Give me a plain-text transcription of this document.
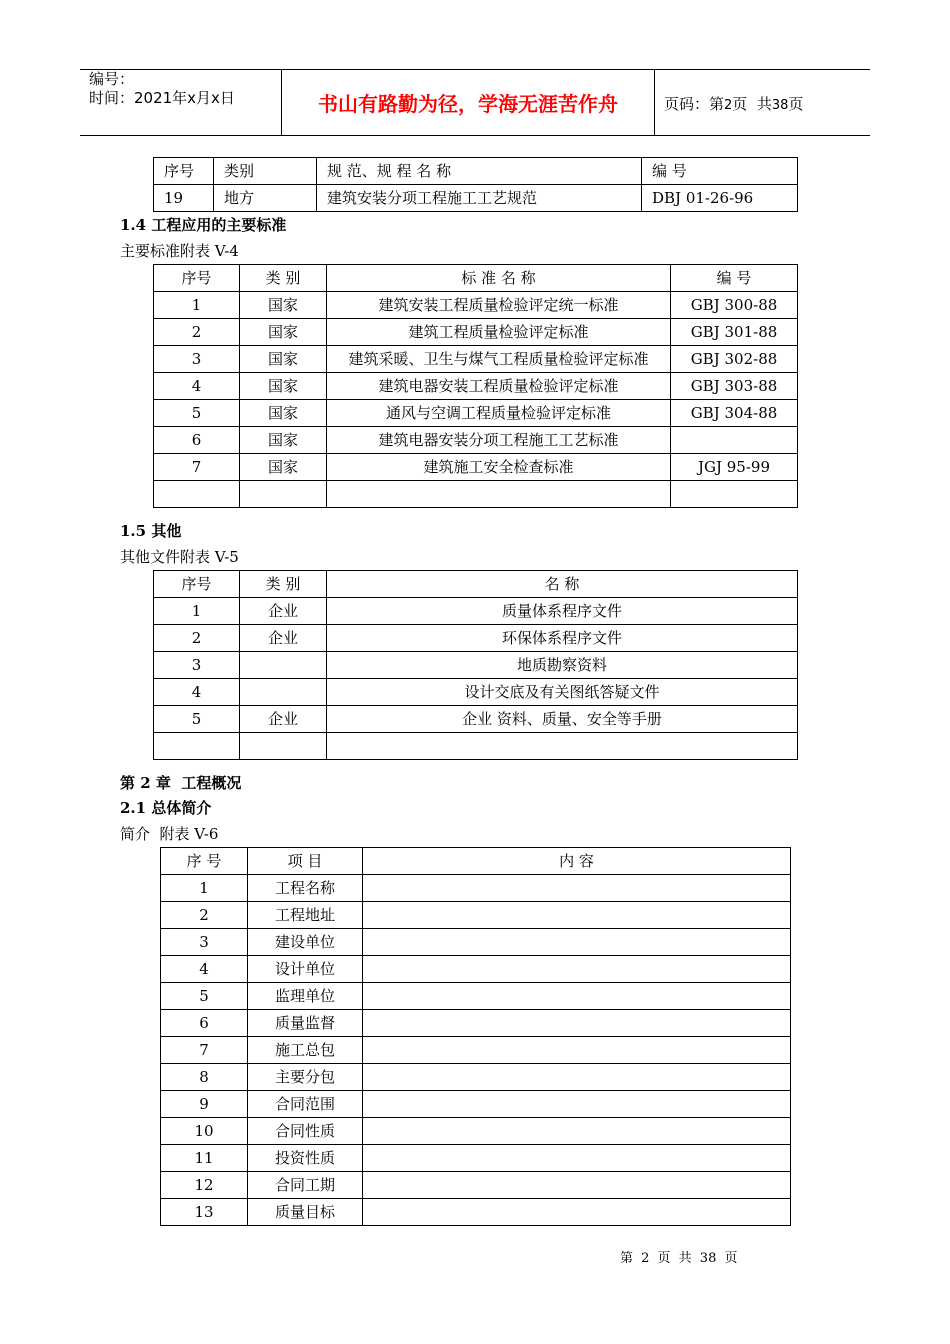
编号：
时间：2021年x月x日	书山有路勤为径，学海无涯苦作舟	页码：第2页  共38页
序号	类别	规 范、规 程 名 称	编 号
19	地方	建筑安装分项工程施工工艺规范	DBJ 01-26-96
1.4 工程应用的主要标准
主要标准附表 V-4
序号	类 别	标 准 名 称	编 号
1	国家	建筑安装工程质量检验评定统一标准	GBJ 300-88
2	国家	建筑工程质量检验评定标准	GBJ 301-88
3	国家	建筑采暖、卫生与煤气工程质量检验评定标准	GBJ 302-88
4	国家	建筑电器安装工程质量检验评定标准	GBJ 303-88
5	国家	通风与空调工程质量检验评定标准	GBJ 304-88
6	国家	建筑电器安装分项工程施工工艺标准	
7	国家	建筑施工安全检查标准	JGJ 95-99

1.5 其他
其他文件附表 V-5
序号	类 别	名 称
1	企业	质量体系程序文件
2	企业	环保体系程序文件
3		地质勘察资料
4		设计交底及有关图纸答疑文件
5	企业	企业 资料、质量、安全等手册

第 2 章  工程概况
2.1 总体简介
简介  附表 V-6
序 号	项 目	内 容
1	工程名称	
2	工程地址	
3	建设单位	
4	设计单位	
5	监理单位	
6	质量监督	
7	施工总包	
8	主要分包	
9	合同范围	
10	合同性质	
11	投资性质	
12	合同工期	
13	质量目标	
第 2 页 共 38 页
